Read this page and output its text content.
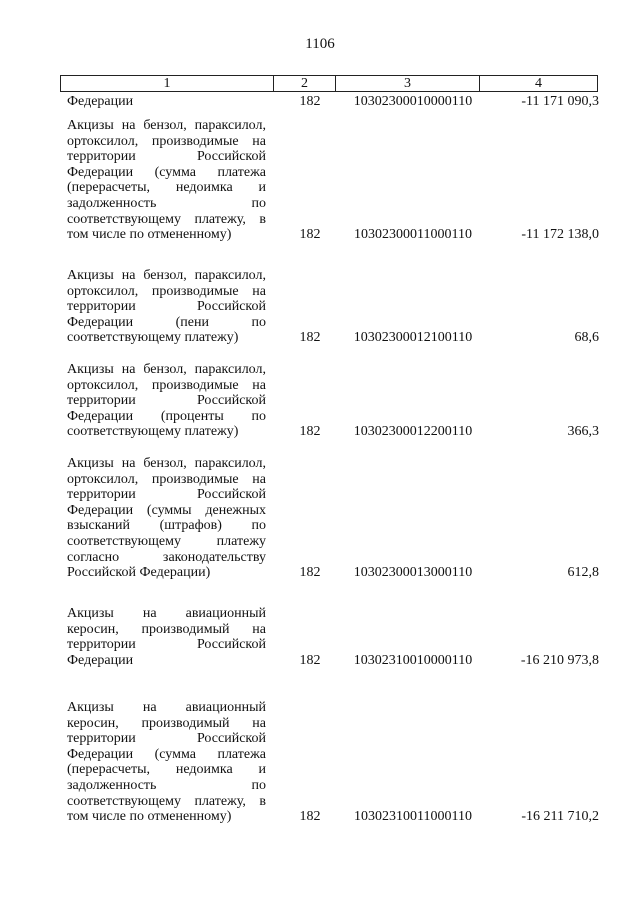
1106
1	2	3	4
Федерации	182	10302300010000110	-11 171 090,3
Акцизы на бензол, параксилол,
ортоксилол, производимые на
территории Российской
Федерации (сумма платежа
(перерасчеты, недоимка и
задолженность по
соответствующему платежу, в
том числе по отмененному)	182	10302300011000110	-11 172 138,0
Акцизы на бензол, параксилол,
ортоксилол, производимые на
территории Российской
Федерации (пени по
соответствующему платежу)	182	10302300012100110	68,6
Акцизы на бензол, параксилол,
ортоксилол, производимые на
территории Российской
Федерации (проценты по
соответствующему платежу)	182	10302300012200110	366,3
Акцизы на бензол, параксилол,
ортоксилол, производимые на
территории Российской
Федерации (суммы денежных
взысканий (штрафов) по
соответствующему платежу
согласно законодательству
Российской Федерации)	182	10302300013000110	612,8
Акцизы на авиационный
керосин, производимый на
территории Российской
Федерации	182	10302310010000110	-16 210 973,8
Акцизы на авиационный
керосин, производимый на
территории Российской
Федерации (сумма платежа
(перерасчеты, недоимка и
задолженность по
соответствующему платежу, в
том числе по отмененному)	182	10302310011000110	-16 211 710,2
